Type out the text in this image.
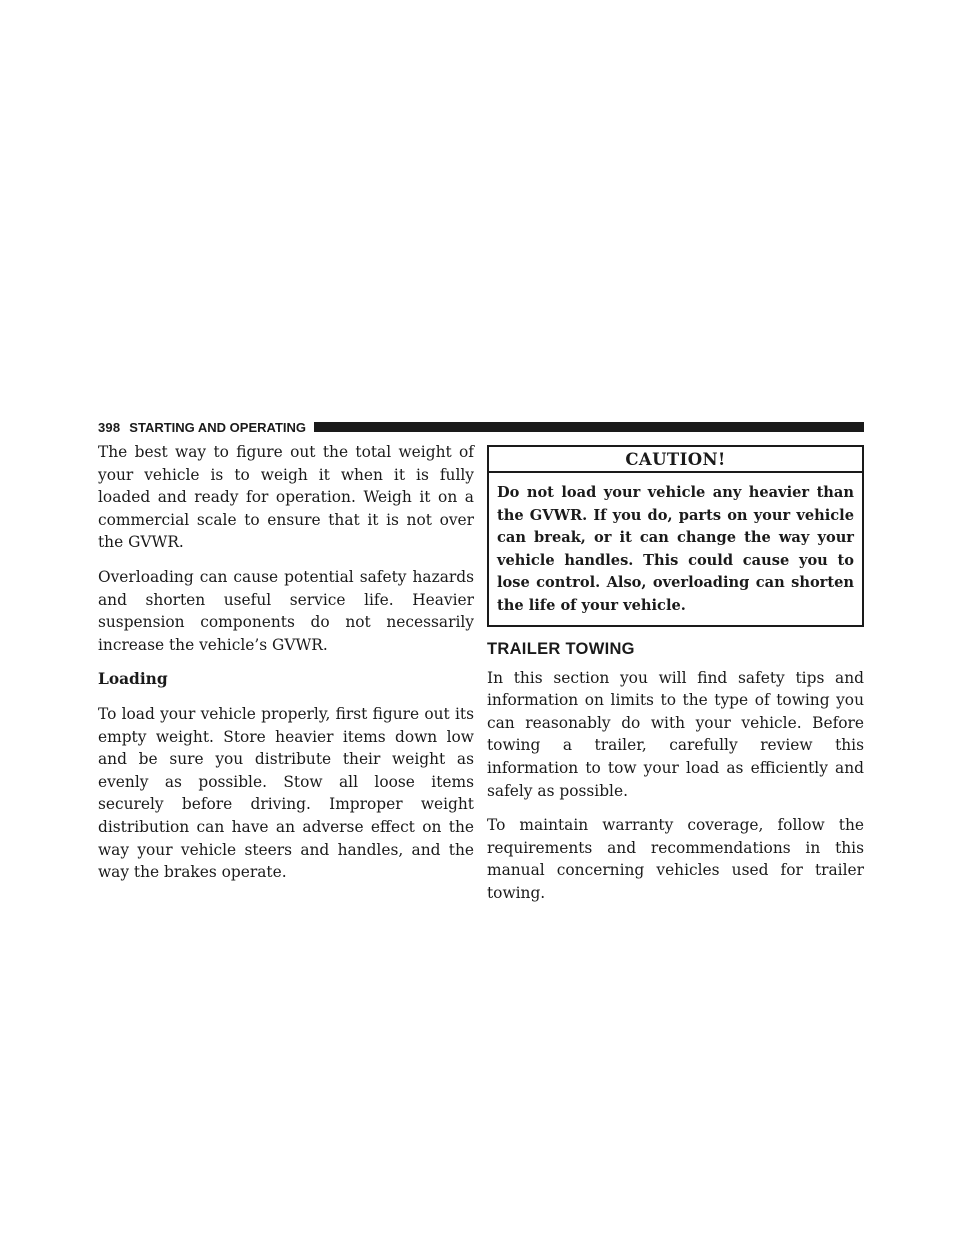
398 STARTING AND OPERATING

The best way to figure out the total weight of your vehicle is to weigh it when it is fully loaded and ready for operation. Weigh it on a commercial scale to ensure that it is not over the GVWR.

Overloading can cause potential safety hazards and shorten useful service life. Heavier suspension components do not necessarily increase the vehicle’s GVWR.

Loading

To load your vehicle properly, first figure out its empty weight. Store heavier items down low and be sure you distribute their weight as evenly as possible. Stow all loose items securely before driving. Improper weight distribution can have an adverse effect on the way your vehicle steers and handles, and the way the brakes operate.

CAUTION!
Do not load your vehicle any heavier than the GVWR. If you do, parts on your vehicle can break, or it can change the way your vehicle handles. This could cause you to lose control. Also, overloading can shorten the life of your vehicle.
TRAILER TOWING

In this section you will find safety tips and information on limits to the type of towing you can reasonably do with your vehicle. Before towing a trailer, carefully review this information to tow your load as efficiently and safely as possible.

To maintain warranty coverage, follow the requirements and recommendations in this manual concerning vehicles used for trailer towing.
